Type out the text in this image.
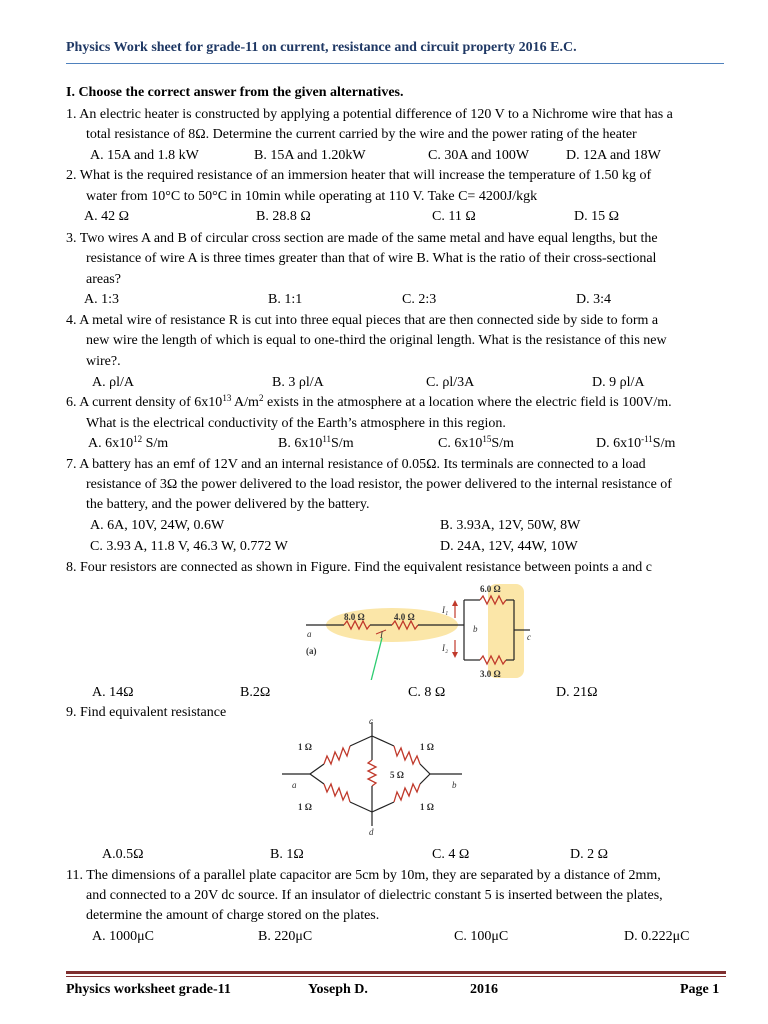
Physics Work sheet for grade-11 on current, resistance and circuit property 2016 E.C.
I. Choose the correct answer from the given alternatives.
1. An electric heater is constructed by applying a potential difference of 120 V to a Nichrome wire that has a
total resistance of 8Ω. Determine the current carried by the wire and the power rating of the heater
A. 15A and 1.8 kW	B. 15A and 1.20kW	C. 30A and 100W	D. 12A and 18W
2. What is the required resistance of an immersion heater that will increase the temperature of 1.50 kg of
water from 10°C to 50°C in 10min while operating at 110 V. Take C= 4200J/kgk
A. 42 Ω	B. 28.8 Ω	C. 11 Ω	D. 15 Ω
3. Two wires A and B of circular cross section are made of the same metal and have equal lengths, but the
resistance of wire A is three times greater than that of wire B. What is the ratio of their cross-sectional
areas?
A. 1:3	B. 1:1	C. 2:3	D. 3:4
4. A metal wire of resistance R is cut into three equal pieces that are then connected side by side to form a
new wire the length of which is equal to one-third the original length. What is the resistance of this new
wire?.
A. ρl/A	B. 3 ρl/A	C. ρl/3A	D. 9 ρl/A
6. A current density of $6x10^{13}$ $A/m^2$ exists in the atmosphere at a location where the electric field is 100V/m.
What is the electrical conductivity of the Earth’s atmosphere in this region.
A. $6x10^{12}$ S/m	B. $6x10^{11}S/m$	C. $6x10^{15}S/m$	D. $6x10^{-11}S/m$
7. A battery has an emf of 12V and an internal resistance of 0.05Ω. Its terminals are connected to a load
resistance of 3Ω the power delivered to the load resistor, the power delivered to the internal resistance of
the battery, and the power delivered by the battery.
A. 6A, 10V, 24W, 0.6W	B. 3.93A, 12V, 50W, 8W
C. 3.93 A, 11.8 V, 46.3 W, 0.772 W	D. 24A, 12V, 44W, 10W
8. Four resistors are connected as shown in Figure. Find the equivalent resistance between points a and c
8.0 Ω	4.0 Ω
6.0 Ω
3.0 Ω
a	b
c
(a)
I
I₁
I₂
A. 14Ω	B.2Ω	C. 8 Ω	D. 21Ω
9. Find equivalent resistance
1 Ω	1 Ω
5 Ω
1 Ω	1 Ω
a	b
c
d
A.0.5Ω	B. 1Ω	C. 4 Ω	D. 2 Ω
11. The dimensions of a parallel plate capacitor are 5cm by 10m, they are separated by a distance of 2mm,
and connected to a 20V dc source. If an insulator of dielectric constant 5 is inserted between the plates,
determine the amount of charge stored on the plates.
A. 1000μC	B. 220μC	C. 100μC	D. 0.222μC
Physics worksheet grade-11	Yoseph D.	2016	Page 1
